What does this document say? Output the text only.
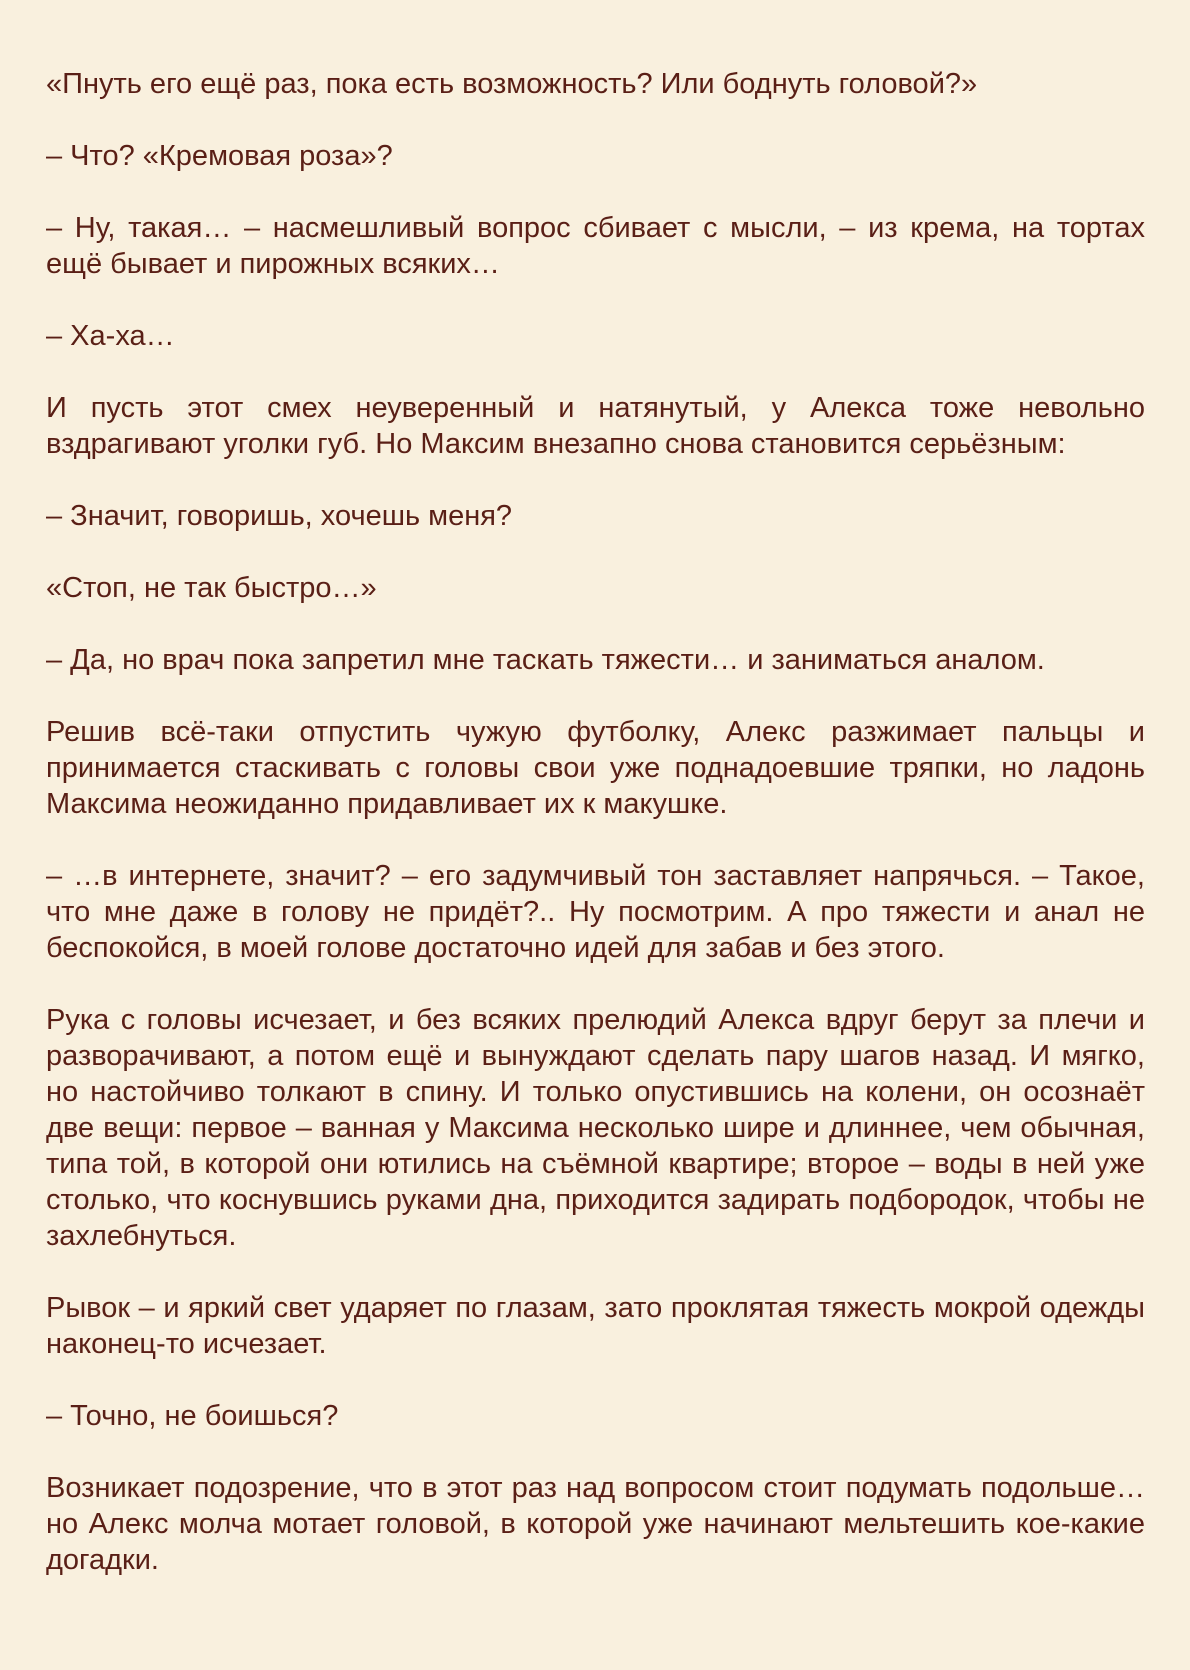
«Пнуть его ещё раз, пока есть возможность? Или боднуть головой?»

– Что? «Кремовая роза»?

– Ну, такая… – насмешливый вопрос сбивает с мысли, – из крема, на тортах ещё бывает и пирожных всяких…

– Ха-ха…

И пусть этот смех неуверенный и натянутый, у Алекса тоже невольно вздрагивают уголки губ. Но Максим внезапно снова становится серьёзным:

– Значит, говоришь, хочешь меня?

«Стоп, не так быстро…»

– Да, но врач пока запретил мне таскать тяжести… и заниматься аналом.

Решив всё-таки отпустить чужую футболку, Алекс разжимает пальцы и принимается стаскивать с головы свои уже поднадоевшие тряпки, но ладонь Максима неожиданно придавливает их к макушке.

– …в интернете, значит? – его задумчивый тон заставляет напрячься. – Такое, что мне даже в голову не придёт?.. Ну посмотрим. А про тяжести и анал не беспокойся, в моей голове достаточно идей для забав и без этого.

Рука с головы исчезает, и без всяких прелюдий Алекса вдруг берут за плечи и разворачивают, а потом ещё и вынуждают сделать пару шагов назад. И мягко, но настойчиво толкают в спину. И только опустившись на колени, он осознаёт две вещи: первое – ванная у Максима несколько шире и длиннее, чем обычная, типа той, в которой они ютились на съёмной квартире; второе – воды в ней уже столько, что коснувшись руками дна, приходится задирать подбородок, чтобы не захлебнуться.

Рывок – и яркий свет ударяет по глазам, зато проклятая тяжесть мокрой одежды наконец-то исчезает.

– Точно, не боишься?

Возникает подозрение, что в этот раз над вопросом стоит подумать подольше… но Алекс молча мотает головой, в которой уже начинают мельтешить кое-какие догадки.
